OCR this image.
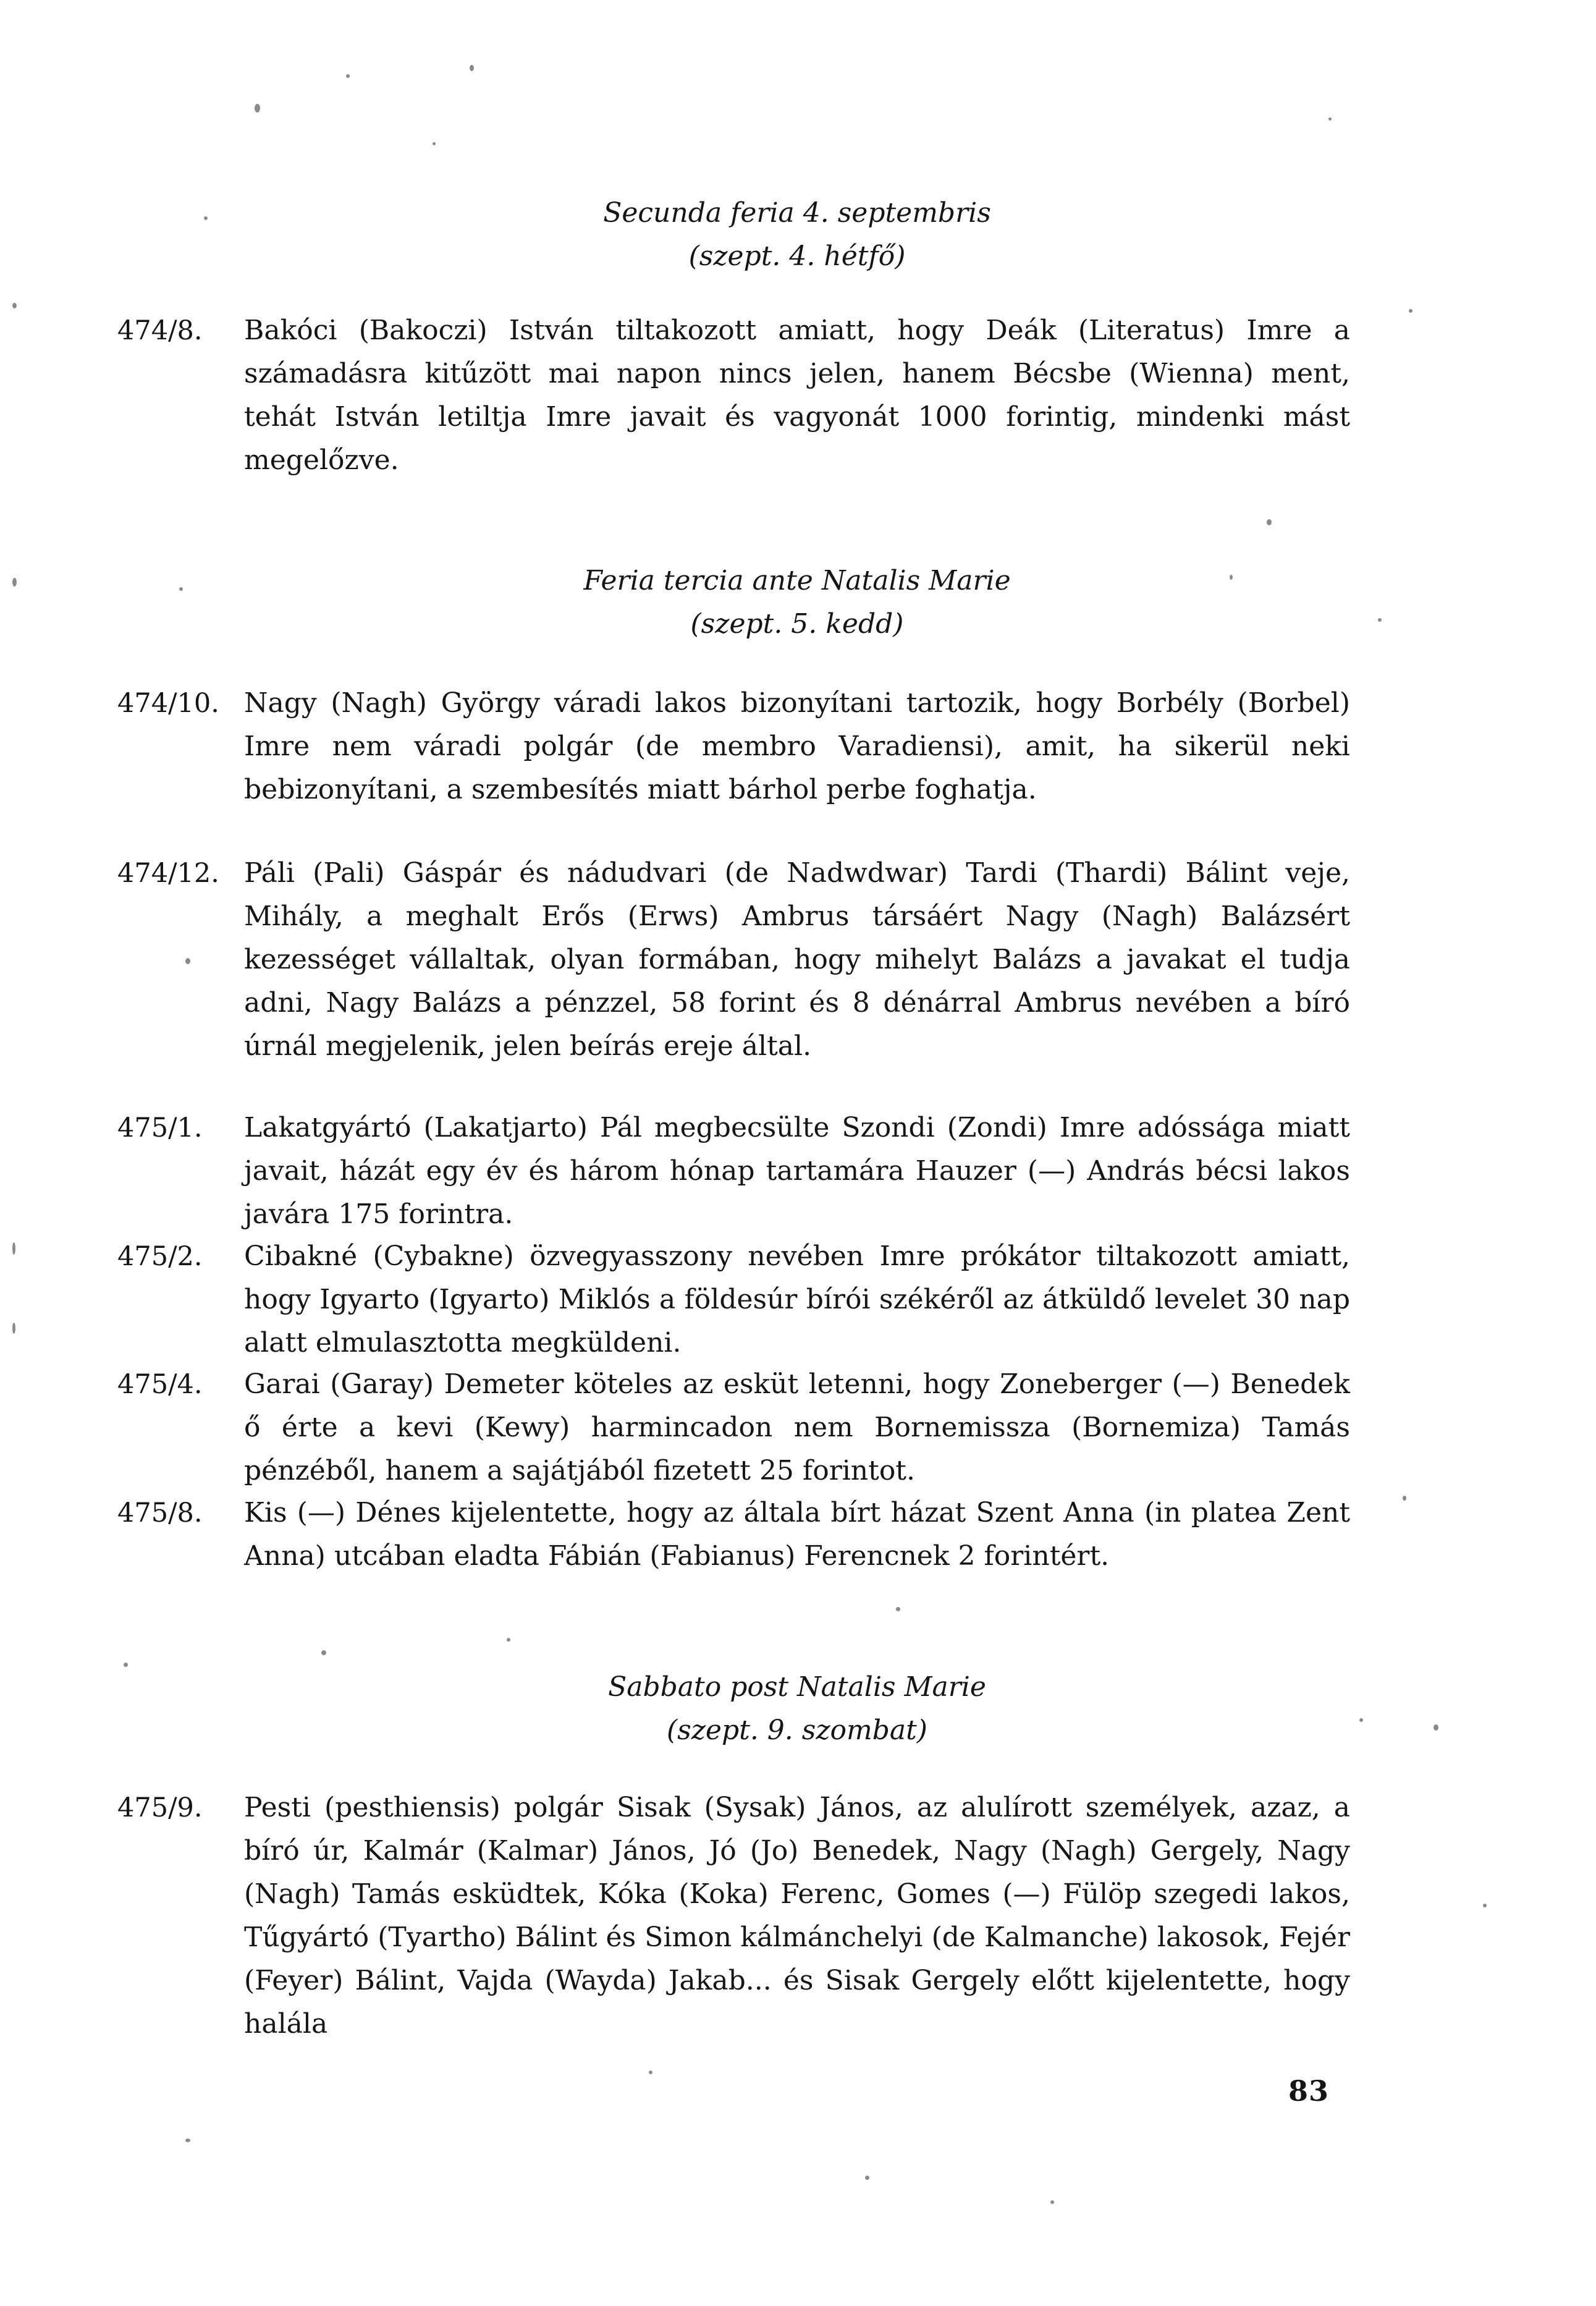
Secunda feria 4. septembris
(szept. 4. hétfő)
474/8. Bakóci (Bakoczi) István tiltakozott amiatt, hogy Deák (Literatus) Imre a számadásra kitűzött mai napon nincs jelen, hanem Bécsbe (Wienna) ment, tehát István letiltja Imre javait és vagyonát 1000 forintig, mindenki mást megelőzve.
Feria tercia ante Natalis Marie
(szept. 5. kedd)
474/10. Nagy (Nagh) György váradi lakos bizonyítani tartozik, hogy Borbély (Borbel) Imre nem váradi polgár (de membro Varadiensi), amit, ha sikerül neki bebizonyítani, a szembesítés miatt bárhol perbe foghatja.
474/12. Páli (Pali) Gáspár és nádudvari (de Nadwdwar) Tardi (Thardi) Bálint veje, Mihály, a meghalt Erős (Erws) Ambrus társáért Nagy (Nagh) Balázsért kezességet vállaltak, olyan formában, hogy mihelyt Balázs a javakat el tudja adni, Nagy Balázs a pénzzel, 58 forint és 8 dénárral Ambrus nevében a bíró úrnál megjelenik, jelen beírás ereje által.
475/1. Lakatgyártó (Lakatjarto) Pál megbecsülte Szondi (Zondi) Imre adóssága miatt javait, házát egy év és három hónap tartamára Hauzer (—) András bécsi lakos javára 175 forintra.
475/2. Cibakné (Cybakne) özvegyasszony nevében Imre prókátor tiltakozott amiatt, hogy Igyarto (Igyarto) Miklós a földesúr bírói székéről az átküldő levelet 30 nap alatt elmulasztotta megküldeni.
475/4. Garai (Garay) Demeter köteles az esküt letenni, hogy Zoneberger (—) Benedek ő érte a kevi (Kewy) harmincadon nem Bornemissza (Bornemiza) Tamás pénzéből, hanem a sajátjából fizetett 25 forintot.
475/8. Kis (—) Dénes kijelentette, hogy az általa bírt házat Szent Anna (in platea Zent Anna) utcában eladta Fábián (Fabianus) Ferencnek 2 forintért.
Sabbato post Natalis Marie
(szept. 9. szombat)
475/9. Pesti (pesthiensis) polgár Sisak (Sysak) János, az alulírott személyek, azaz, a bíró úr, Kalmár (Kalmar) János, Jó (Jo) Benedek, Nagy (Nagh) Gergely, Nagy (Nagh) Tamás esküdtek, Kóka (Koka) Ferenc, Gomes (—) Fülöp szegedi lakos, Tűgyártó (Tyartho) Bálint és Simon kálmánchelyi (de Kalmanche) lakosok, Fejér (Feyer) Bálint, Vajda (Wayda) Jakab... és Sisak Gergely előtt kijelentette, hogy halála
83
